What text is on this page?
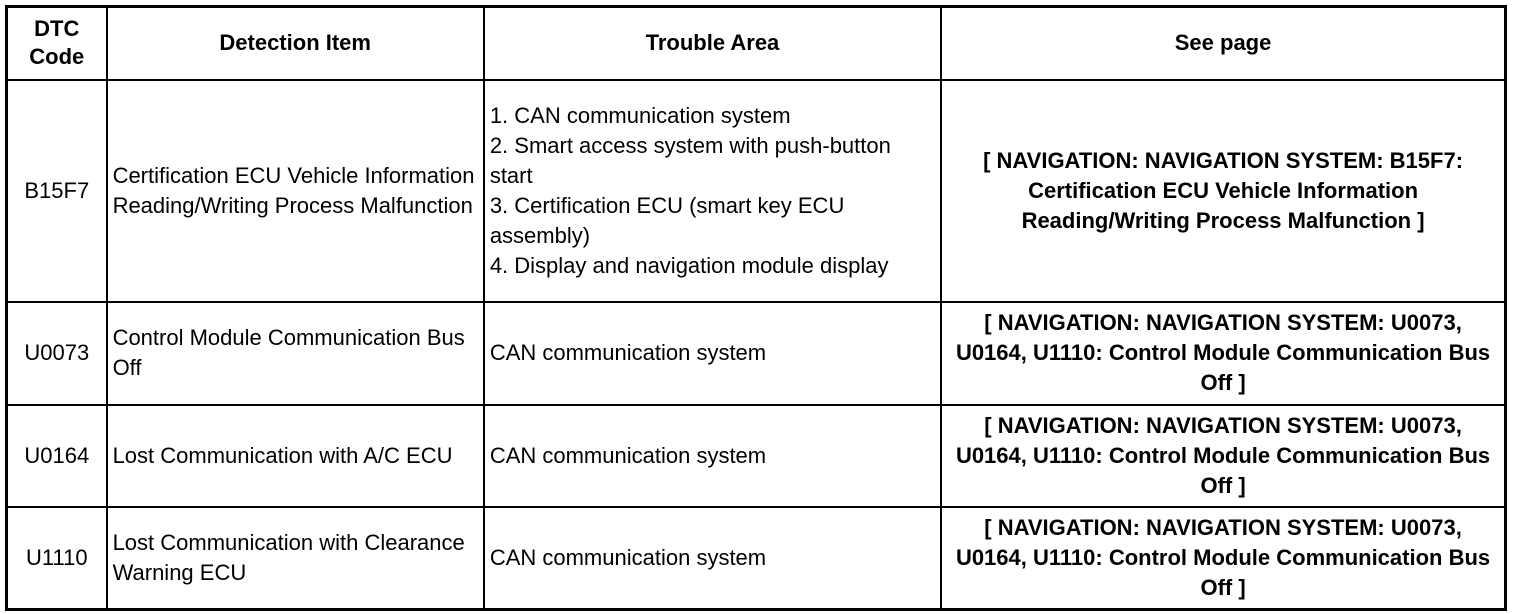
DTC Code	Detection Item	Trouble Area	See page
B15F7	Certification ECU Vehicle Information Reading/Writing Process Malfunction	1. CAN communication system
2. Smart access system with push-button start
3. Certification ECU (smart key ECU assembly)
4. Display and navigation module display	[ NAVIGATION: NAVIGATION SYSTEM: B15F7: Certification ECU Vehicle Information Reading/Writing Process Malfunction ]
U0073	Control Module Communication Bus Off	CAN communication system	[ NAVIGATION: NAVIGATION SYSTEM: U0073, U0164, U1110: Control Module Communication Bus Off ]
U0164	Lost Communication with A/C ECU	CAN communication system	[ NAVIGATION: NAVIGATION SYSTEM: U0073, U0164, U1110: Control Module Communication Bus Off ]
U1110	Lost Communication with Clearance Warning ECU	CAN communication system	[ NAVIGATION: NAVIGATION SYSTEM: U0073, U0164, U1110: Control Module Communication Bus Off ]
